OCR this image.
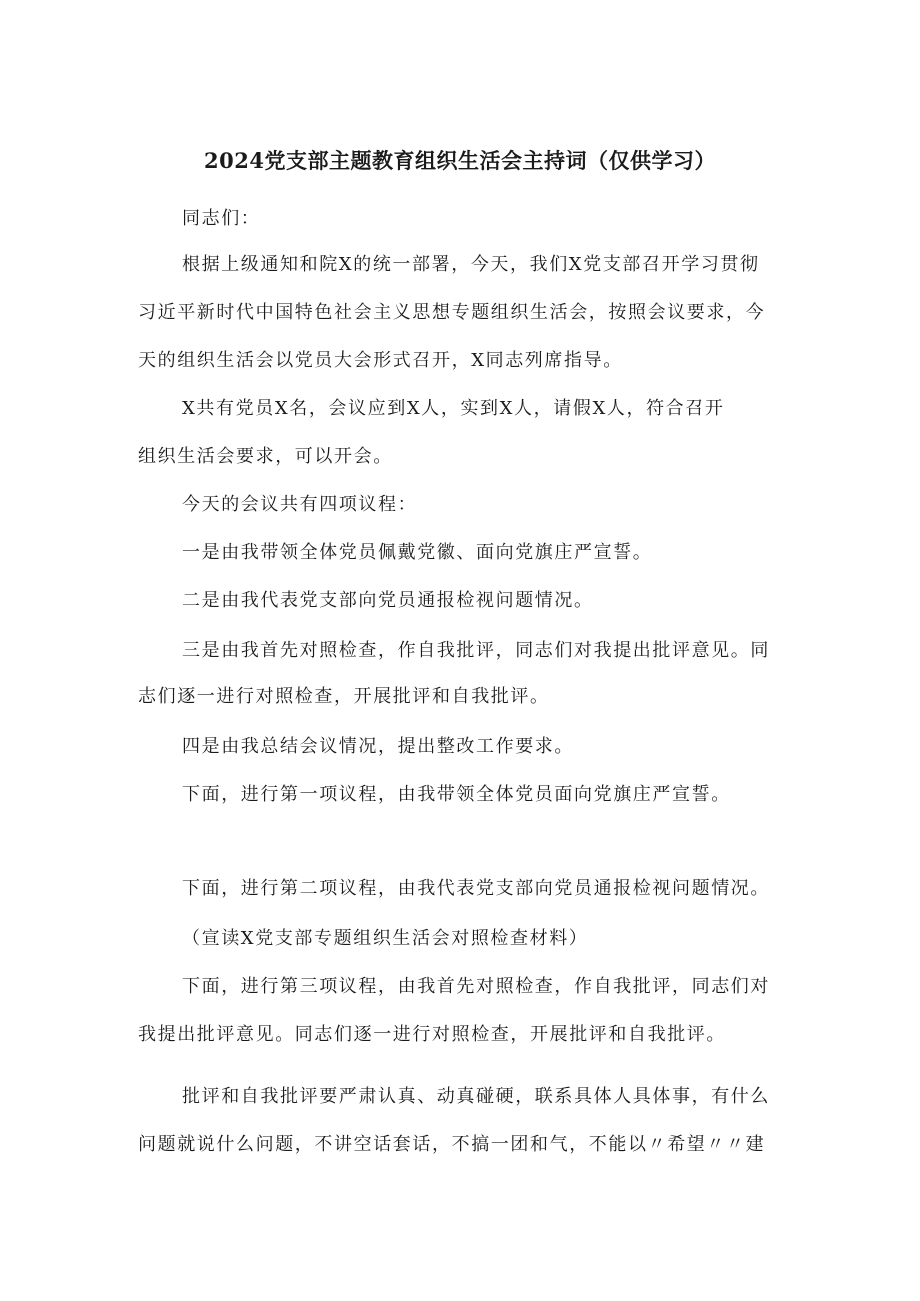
2024党支部主题教育组织生活会主持词（仅供学习）
同志们：
根据上级通知和院X的统一部署，今天，我们X党支部召开学习贯彻
习近平新时代中国特色社会主义思想专题组织生活会，按照会议要求，今
天的组织生活会以党员大会形式召开，X同志列席指导。
X共有党员X名，会议应到X人，实到X人，请假X人，符合召开
组织生活会要求，可以开会。
今天的会议共有四项议程：
一是由我带领全体党员佩戴党徽、面向党旗庄严宣誓。
二是由我代表党支部向党员通报检视问题情况。
三是由我首先对照检查，作自我批评，同志们对我提出批评意见。同
志们逐一进行对照检查，开展批评和自我批评。
四是由我总结会议情况，提出整改工作要求。
下面，进行第一项议程，由我带领全体党员面向党旗庄严宣誓。
下面，进行第二项议程，由我代表党支部向党员通报检视问题情况。
（宣读X党支部专题组织生活会对照检查材料）
下面，进行第三项议程，由我首先对照检查，作自我批评，同志们对
我提出批评意见。同志们逐一进行对照检查，开展批评和自我批评。
批评和自我批评要严肃认真、动真碰硬，联系具体人具体事，有什么
问题就说什么问题，不讲空话套话，不搞一团和气，不能以〃希望〃〃建
